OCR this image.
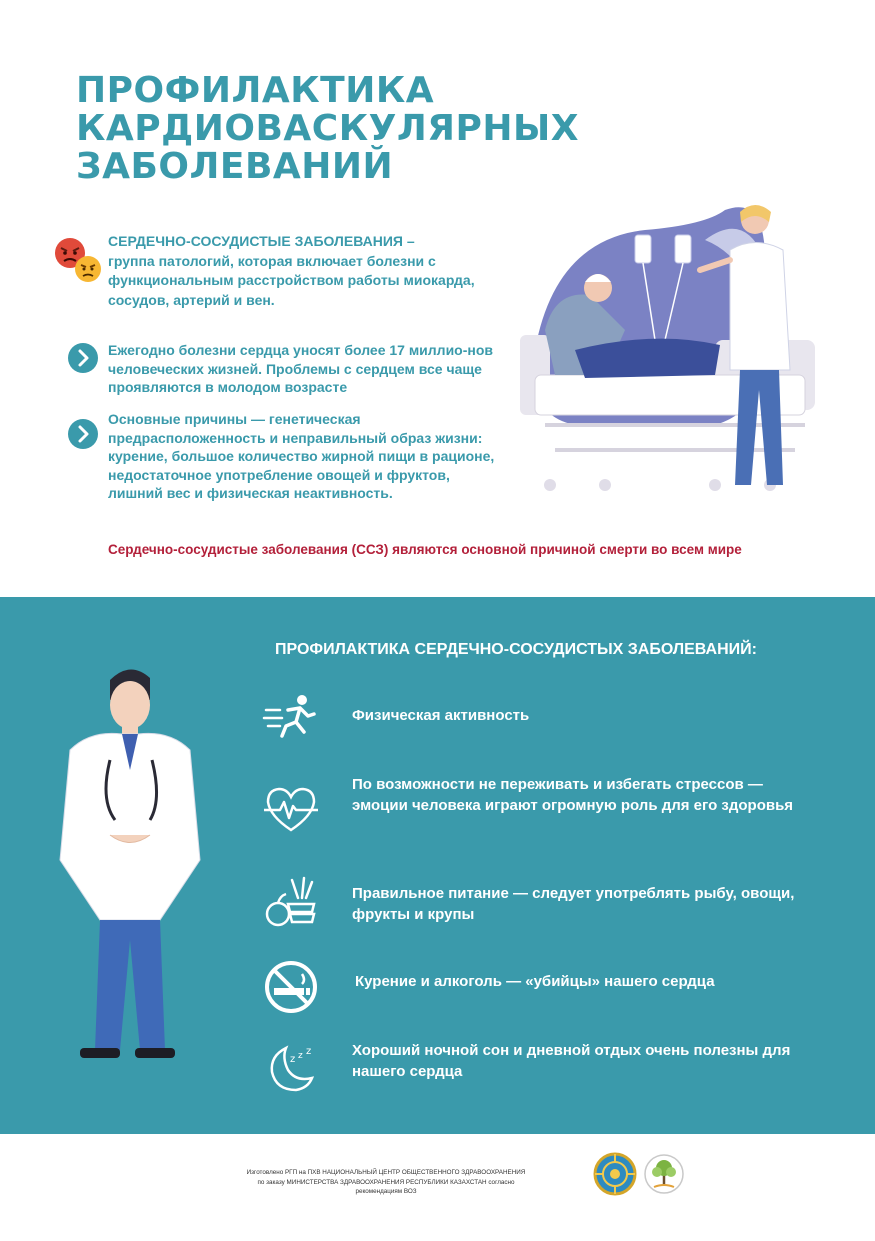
ПРОФИЛАКТИКА
КАРДИОВАСКУЛЯРНЫХ
ЗАБОЛЕВАНИЙ
СЕРДЕЧНО-СОСУДИСТЫЕ ЗАБОЛЕВАНИЯ –
группа патологий, которая включает болезни с функциональным расстройством работы миокарда, сосудов, артерий и вен.
Ежегодно болезни сердца уносят более 17 миллио-нов человеческих жизней. Проблемы с сердцем все чаще проявляются в молодом возрасте
Основные причины — генетическая предрасположенность и неправильный образ жизни: курение, большое количество жирной пищи в рационе, недостаточное употребление овощей и фруктов, лишний вес и физическая неактивность.
Сердечно-сосудистые заболевания (ССЗ) являются основной причиной смерти во всем мире
ПРОФИЛАКТИКА СЕРДЕЧНО-СОСУДИСТЫХ ЗАБОЛЕВАНИЙ:
Физическая активность
По возможности не переживать и избегать стрессов — эмоции человека играют огромную роль для его здоровья
Правильное питание — следует употреблять рыбу, овощи, фрукты и крупы
Курение и алкоголь — «убийцы» нашего сердца
z z z	Хороший ночной сон и дневной отдых очень полезны для нашего сердца
Изготовлено РГП на ПХВ НАЦИОНАЛЬНЫЙ ЦЕНТР ОБЩЕСТВЕННОГО ЗДРАВООХРАНЕНИЯ
по заказу МИНИСТЕРСТВА ЗДРАВООХРАНЕНИЯ РЕСПУБЛИКИ КАЗАХСТАН согласно
рекомендациям ВОЗ
